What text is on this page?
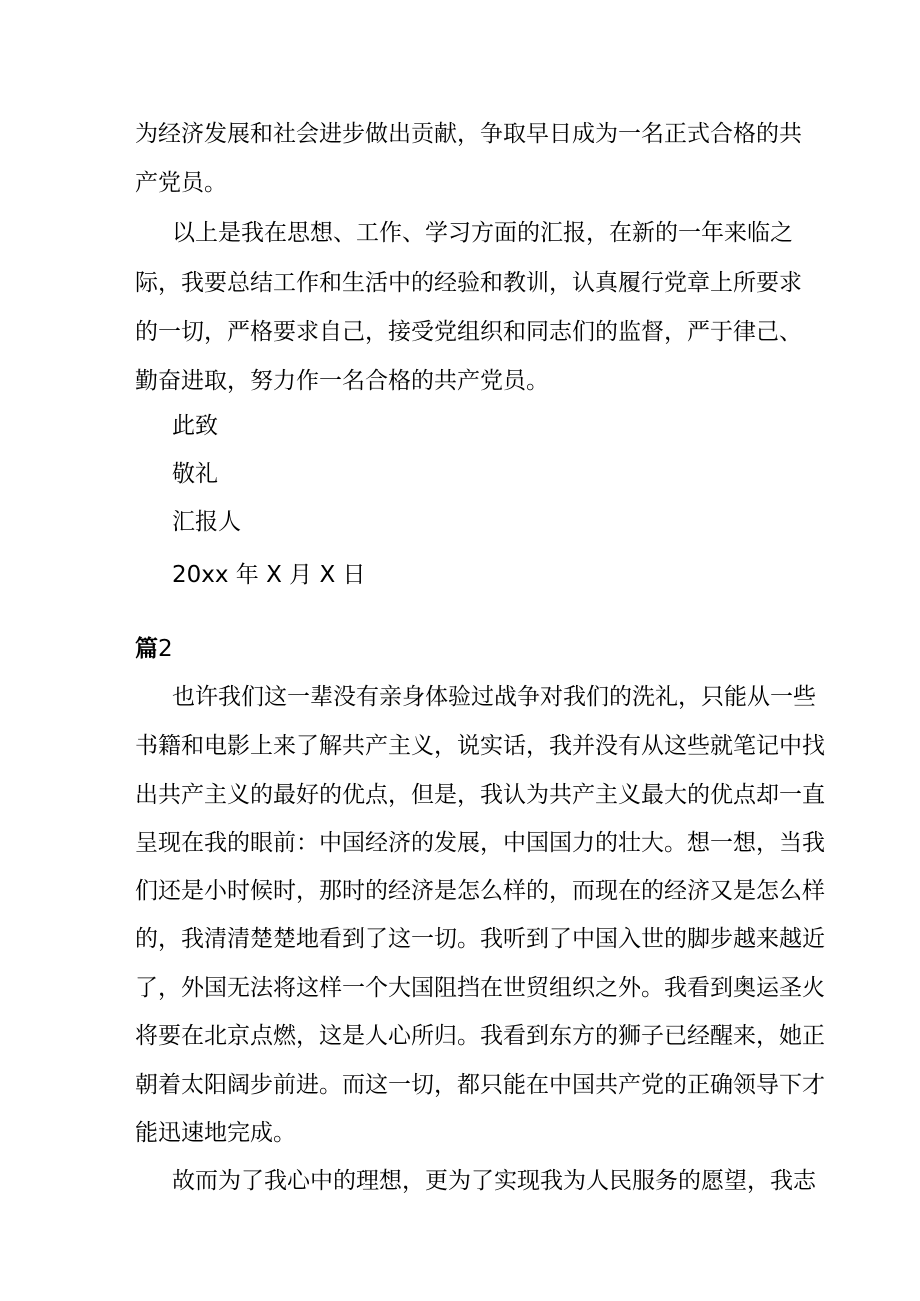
为经济发展和社会进步做出贡献，争取早日成为一名正式合格的共
产党员。
以上是我在思想、工作、学习方面的汇报，在新的一年来临之
际，我要总结工作和生活中的经验和教训，认真履行党章上所要求
的一切，严格要求自己，接受党组织和同志们的监督，严于律己、
勤奋进取，努力作一名合格的共产党员。
此致
敬礼
汇报人
20xx 年 X 月 X 日
篇2
也许我们这一辈没有亲身体验过战争对我们的洗礼，只能从一些
书籍和电影上来了解共产主义，说实话，我并没有从这些就笔记中找
出共产主义的最好的优点，但是，我认为共产主义最大的优点却一直
呈现在我的眼前：中国经济的发展，中国国力的壮大。想一想，当我
们还是小时候时，那时的经济是怎么样的，而现在的经济又是怎么样
的，我清清楚楚地看到了这一切。我听到了中国入世的脚步越来越近
了，外国无法将这样一个大国阻挡在世贸组织之外。我看到奥运圣火
将要在北京点燃，这是人心所归。我看到东方的狮子已经醒来，她正
朝着太阳阔步前进。而这一切，都只能在中国共产党的正确领导下才
能迅速地完成。
故而为了我心中的理想，更为了实现我为人民服务的愿望，我志
